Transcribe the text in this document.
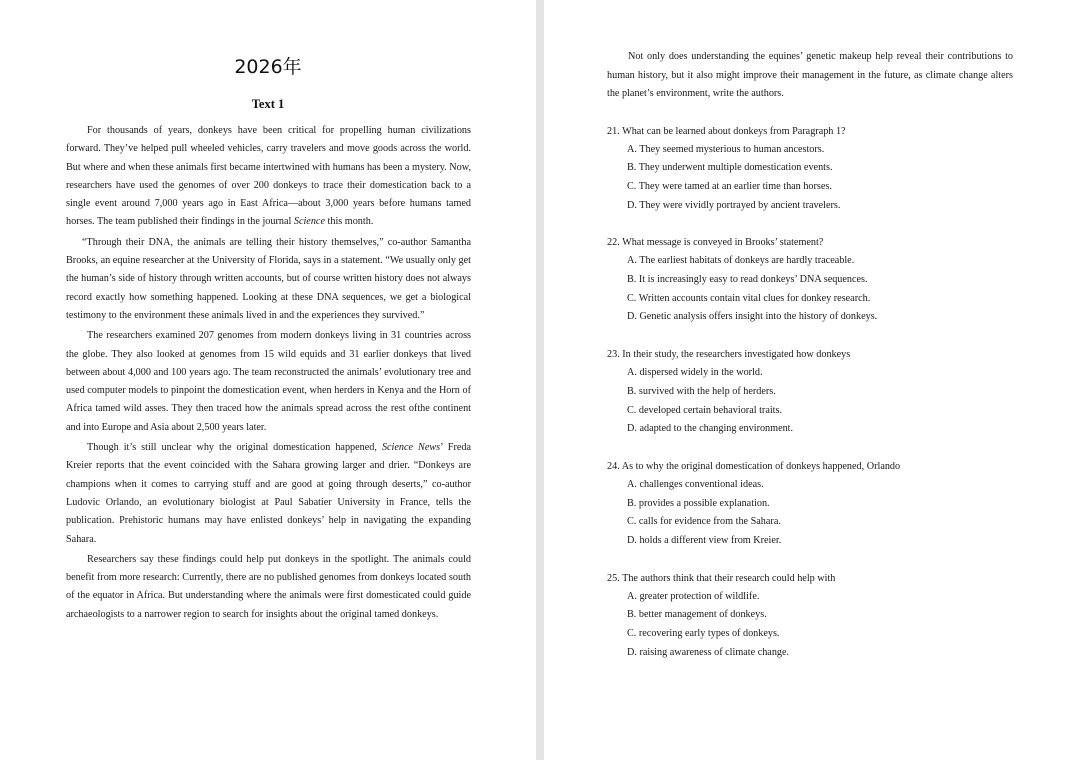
2026年
Text 1

For thousands of years, donkeys have been critical for propelling human civilizations forward. They’ve helped pull wheeled vehicles, carry travelers and move goods across the world. But where and when these animals first became intertwined with humans has been a mystery. Now, researchers have used the genomes of over 200 donkeys to trace their domestication back to a single event around 7,000 years ago in East Africa—about 3,000 years before humans tamed horses. The team published their findings in the journal Science this month.

“Through their DNA, the animals are telling their history themselves,” co-author Samantha Brooks, an equine researcher at the University of Florida, says in a statement. “We usually only get the human’s side of history through written accounts, but of course written history does not always record exactly how something happened. Looking at these DNA sequences, we get a biological testimony to the environment these animals lived in and the experiences they survived.”

The researchers examined 207 genomes from modern donkeys living in 31 countries across the globe. They also looked at genomes from 15 wild equids and 31 earlier donkeys that lived between about 4,000 and 100 years ago. The team reconstructed the animals’ evolutionary tree and used computer models to pinpoint the domestication event, when herders in Kenya and the Horn of Africa tamed wild asses. They then traced how the animals spread across the rest ofthe continent and into Europe and Asia about 2,500 years later.

Though it’s still unclear why the original domestication happened, Science News’ Freda Kreier reports that the event coincided with the Sahara growing larger and drier. “Donkeys are champions when it comes to carrying stuff and are good at going through deserts,” co-author Ludovic Orlando, an evolutionary biologist at Paul Sabatier University in France, tells the publication. Prehistoric humans may have enlisted donkeys’ help in navigating the expanding Sahara.

Researchers say these findings could help put donkeys in the spotlight. The animals could benefit from more research: Currently, there are no published genomes from donkeys located south of the equator in Africa. But understanding where the animals were first domesticated could guide archaeologists to a narrower region to search for insights about the original tamed donkeys.

Not only does understanding the equines’ genetic makeup help reveal their contributions to human history, but it also might improve their management in the future, as climate change alters the planet’s environment, write the authors.

21. What can be learned about donkeys from Paragraph 1?

A. They seemed mysterious to human ancestors.

B. They underwent multiple domestication events.

C. They were tamed at an earlier time than horses.

D. They were vividly portrayed by ancient travelers.

22. What message is conveyed in Brooks’ statement?

A. The earliest habitats of donkeys are hardly traceable.

B. It is increasingly easy to read donkeys’ DNA sequences.

C. Written accounts contain vital clues for donkey research.

D. Genetic analysis offers insight into the history of donkeys.

23. In their study, the researchers investigated how donkeys

A. dispersed widely in the world.

B. survived with the help of herders.

C. developed certain behavioral traits.

D. adapted to the changing environment.

24. As to why the original domestication of donkeys happened, Orlando

A. challenges conventional ideas.

B. provides a possible explanation.

C. calls for evidence from the Sahara.

D. holds a different view from Kreier.

25. The authors think that their research could help with

A. greater protection of wildlife.

B. better management of donkeys.

C. recovering early types of donkeys.

D. raising awareness of climate change.
